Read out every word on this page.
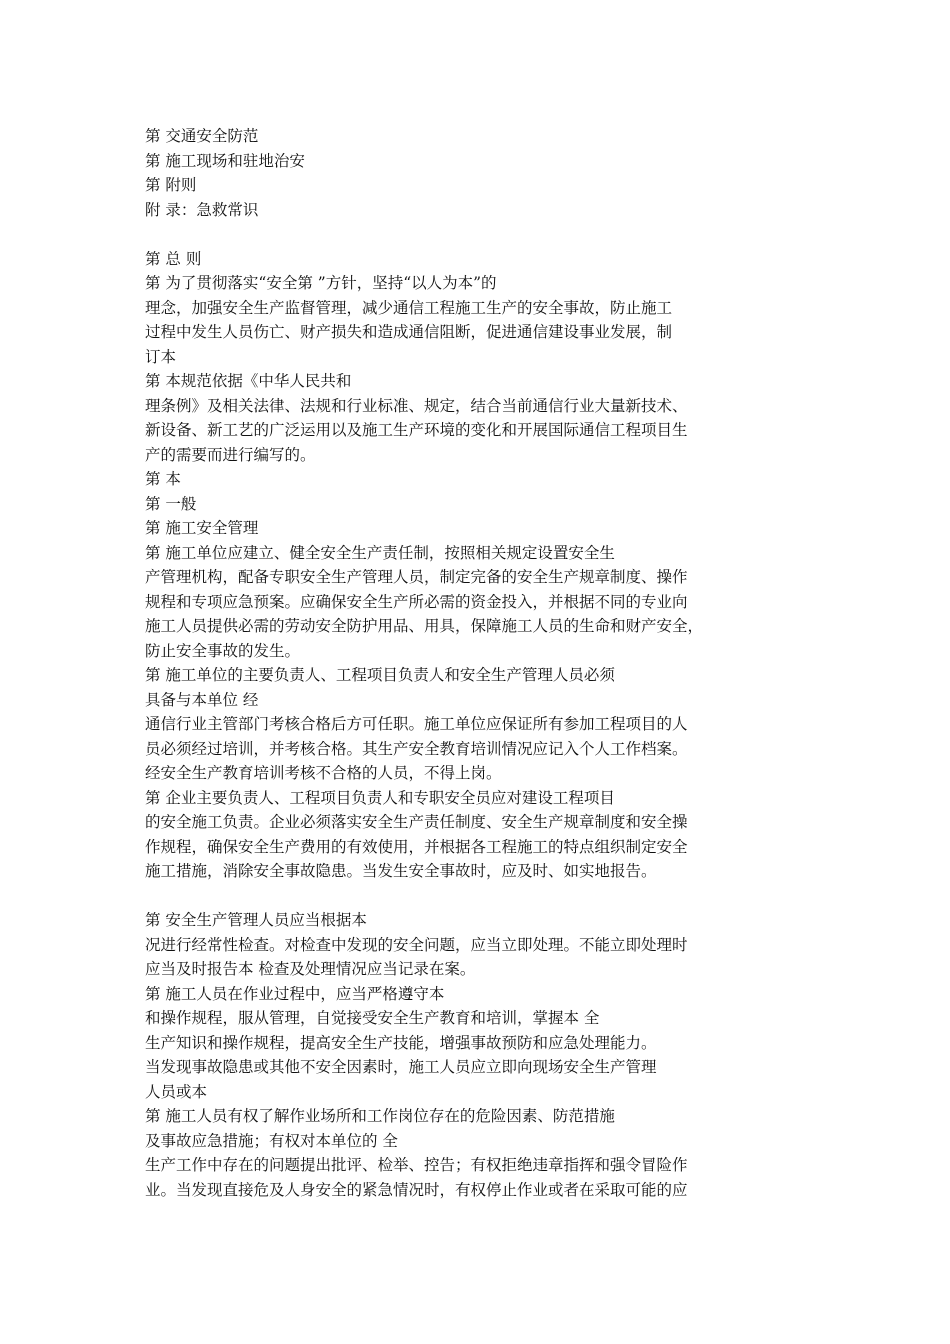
第 交通安全防范
第 施工现场和驻地治安
第 附则
附 录：急救常识
第 总 则
第 为了贯彻落实“安全第 ”方针，坚持“以人为本”的
理念，加强安全生产监督管理，减少通信工程施工生产的安全事故，防止施工
过程中发生人员伤亡、财产损失和造成通信阻断，促进通信建设事业发展，制
订本
第 本规范依据《中华人民共和
理条例》及相关法律、法规和行业标准、规定，结合当前通信行业大量新技术、
新设备、新工艺的广泛运用以及施工生产环境的变化和开展国际通信工程项目生
产的需要而进行编写的。
第 本
第 一般
第 施工安全管理
第 施工单位应建立、健全安全生产责任制，按照相关规定设置安全生
产管理机构，配备专职安全生产管理人员，制定完备的安全生产规章制度、操作
规程和专项应急预案。应确保安全生产所必需的资金投入，并根据不同的专业向
施工人员提供必需的劳动安全防护用品、用具，保障施工人员的生命和财产安全，
防止安全事故的发生。
第 施工单位的主要负责人、工程项目负责人和安全生产管理人员必须
具备与本单位 经
通信行业主管部门考核合格后方可任职。施工单位应保证所有参加工程项目的人
员必须经过培训，并考核合格。其生产安全教育培训情况应记入个人工作档案。
经安全生产教育培训考核不合格的人员，不得上岗。
第 企业主要负责人、工程项目负责人和专职安全员应对建设工程项目
的安全施工负责。企业必须落实安全生产责任制度、安全生产规章制度和安全操
作规程，确保安全生产费用的有效使用，并根据各工程施工的特点组织制定安全
施工措施，消除安全事故隐患。当发生安全事故时，应及时、如实地报告。
第 安全生产管理人员应当根据本
况进行经常性检查。对检查中发现的安全问题，应当立即处理。不能立即处理时
应当及时报告本 检查及处理情况应当记录在案。
第 施工人员在作业过程中，应当严格遵守本
和操作规程，服从管理，自觉接受安全生产教育和培训，掌握本 全
生产知识和操作规程，提高安全生产技能，增强事故预防和应急处理能力。
当发现事故隐患或其他不安全因素时，施工人员应立即向现场安全生产管理
人员或本
第 施工人员有权了解作业场所和工作岗位存在的危险因素、防范措施
及事故应急措施；有权对本单位的 全
生产工作中存在的问题提出批评、检举、控告；有权拒绝违章指挥和强令冒险作
业。当发现直接危及人身安全的紧急情况时，有权停止作业或者在采取可能的应
